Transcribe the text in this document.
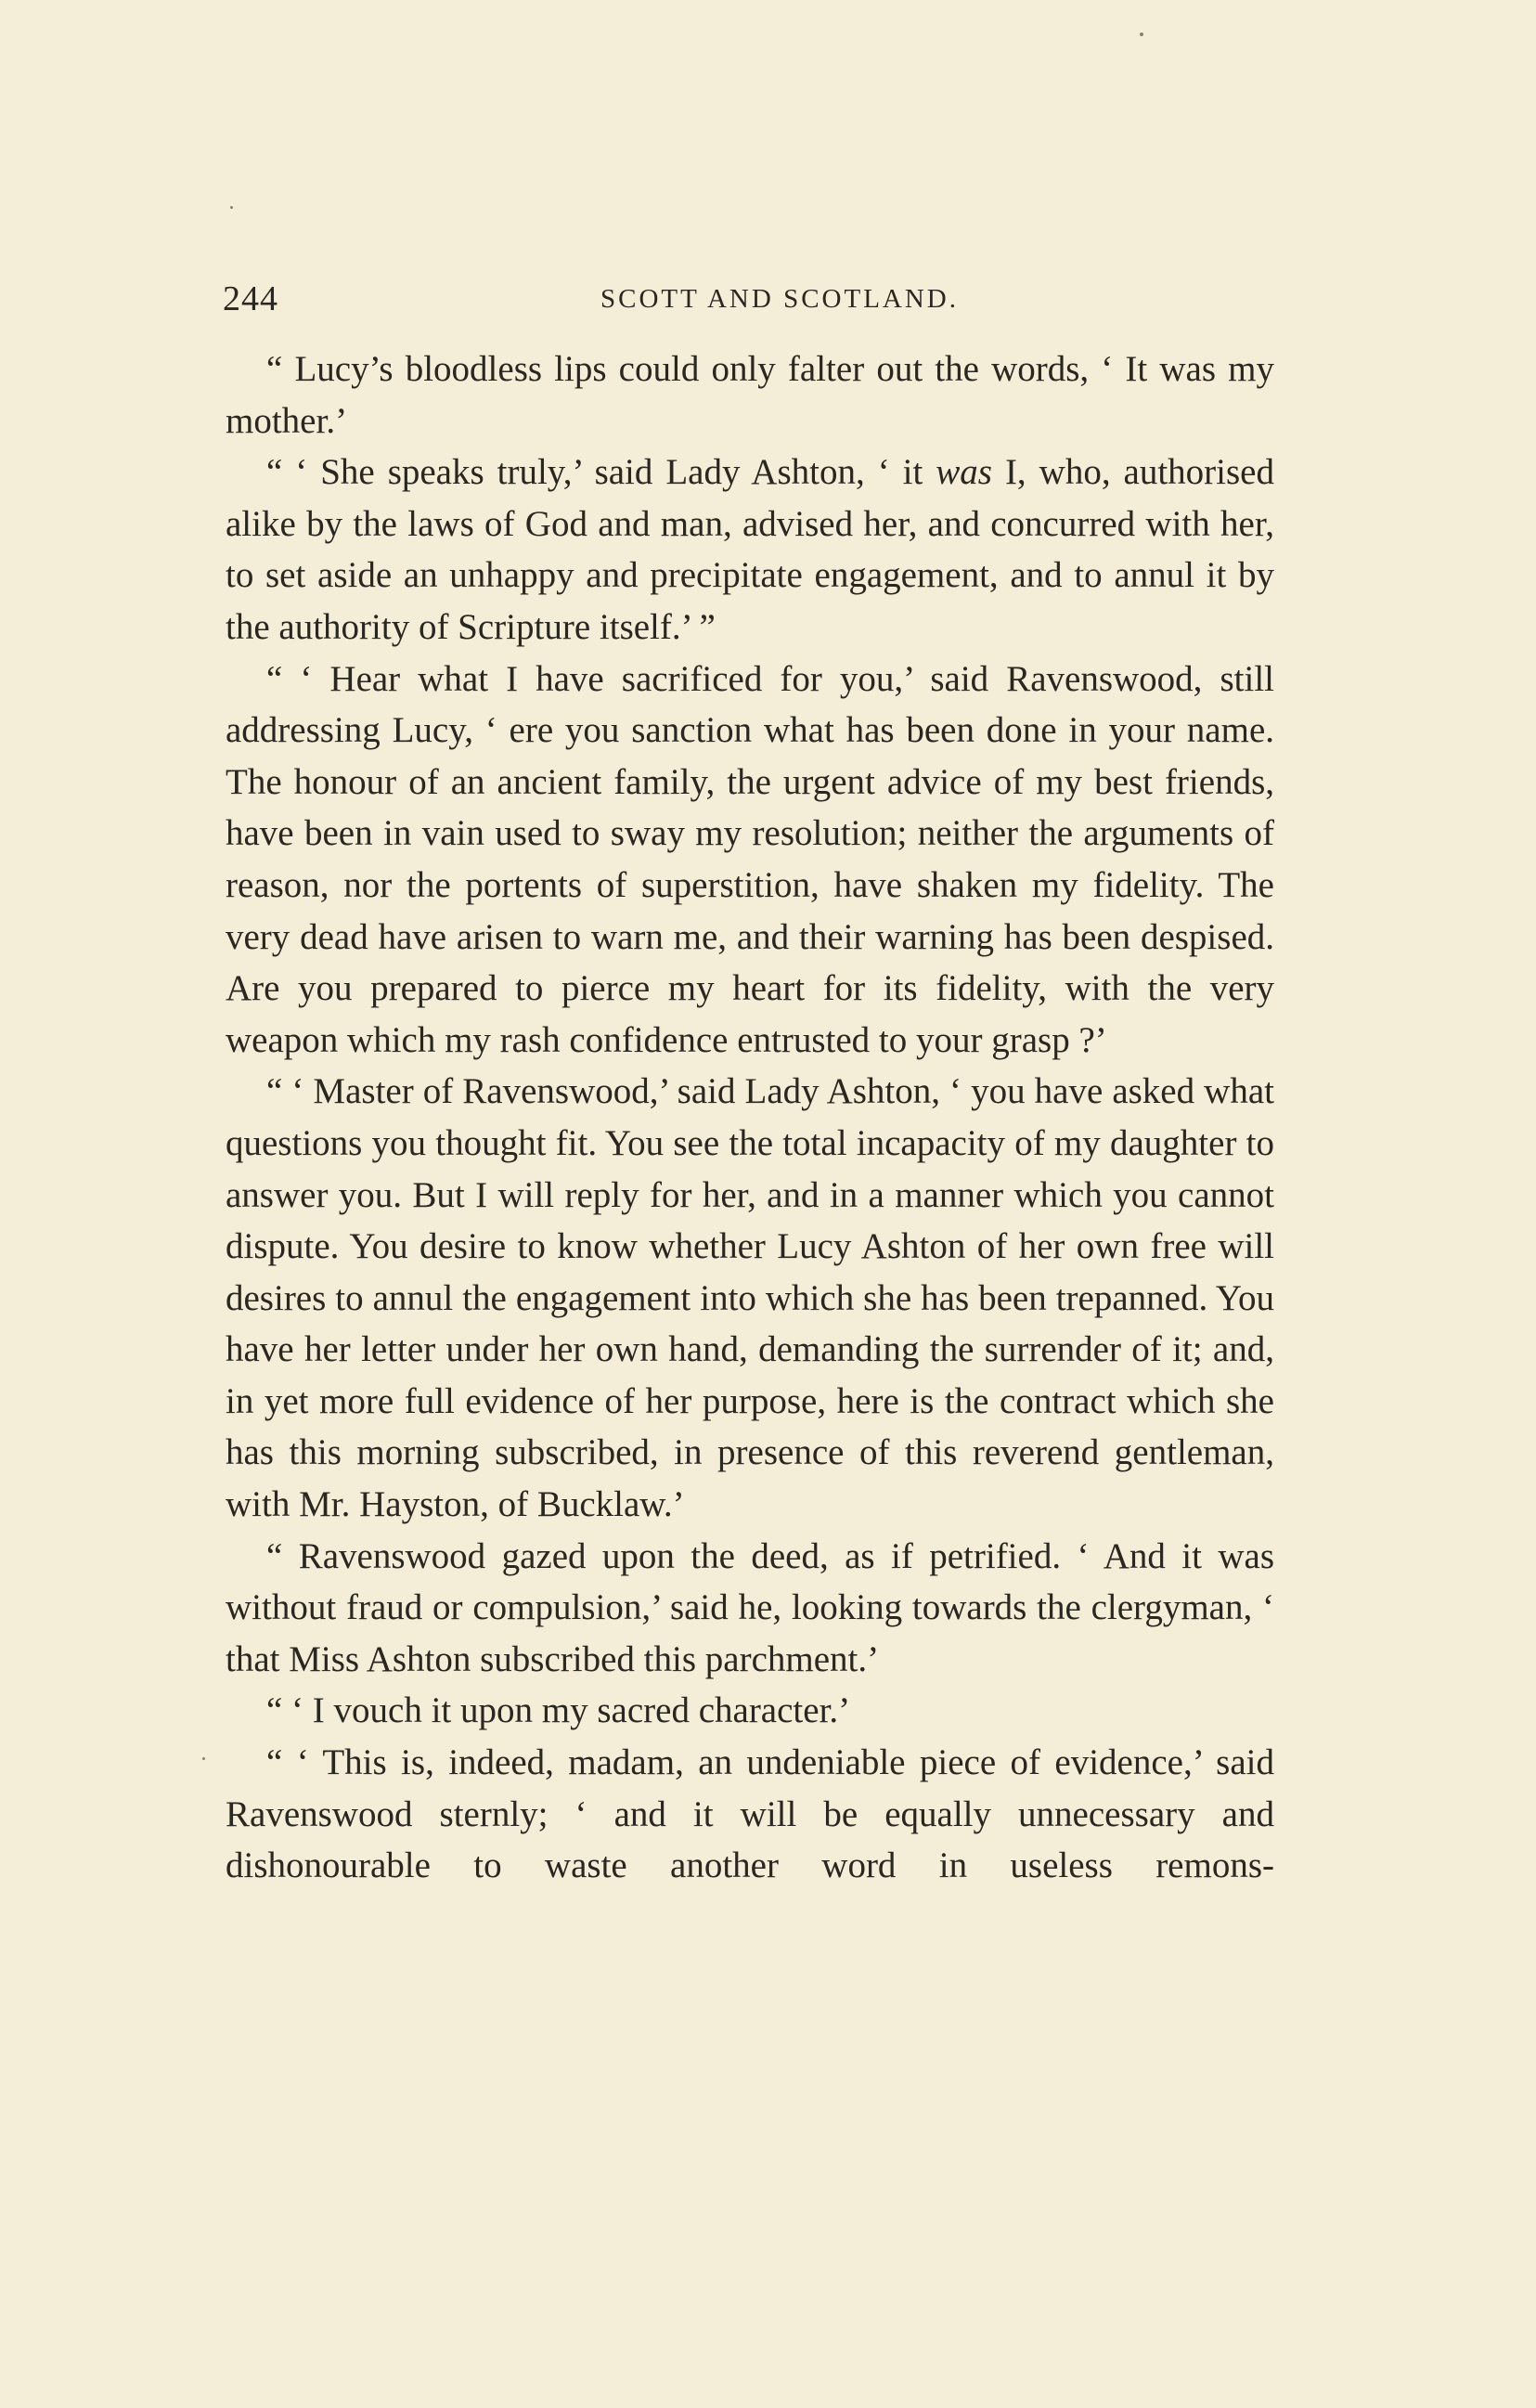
244	SCOTT AND SCOTLAND.

“ Lucy’s bloodless lips could only falter out the words, ‘ It was my mother.’

“ ‘ She speaks truly,’ said Lady Ashton, ‘ it was I, who, authorised alike by the laws of God and man, advised her, and concurred with her, to set aside an unhappy and precipitate engagement, and to annul it by the authority of Scripture itself.’ ”

“ ‘ Hear what I have sacrificed for you,’ said Ravenswood, still addressing Lucy, ‘ ere you sanction what has been done in your name. The honour of an ancient family, the urgent advice of my best friends, have been in vain used to sway my resolution; neither the arguments of reason, nor the portents of superstition, have shaken my fidelity. The very dead have arisen to warn me, and their warning has been despised. Are you prepared to pierce my heart for its fidelity, with the very weapon which my rash confidence entrusted to your grasp ?’

“ ‘ Master of Ravenswood,’ said Lady Ashton, ‘ you have asked what questions you thought fit. You see the total incapacity of my daughter to answer you. But I will reply for her, and in a manner which you cannot dispute. You desire to know whether Lucy Ashton of her own free will desires to annul the engagement into which she has been trepanned. You have her letter under her own hand, demanding the surrender of it; and, in yet more full evidence of her purpose, here is the contract which she has this morning subscribed, in presence of this reverend gentleman, with Mr. Hayston, of Bucklaw.’

“ Ravenswood gazed upon the deed, as if petrified. ‘ And it was without fraud or compulsion,’ said he, looking towards the clergyman, ‘ that Miss Ashton subscribed this parchment.’

“ ‘ I vouch it upon my sacred character.’

“ ‘ This is, indeed, madam, an undeniable piece of evidence,’ said Ravenswood sternly; ‘ and it will be equally unnecessary and dishonourable to waste another word in useless remons-
